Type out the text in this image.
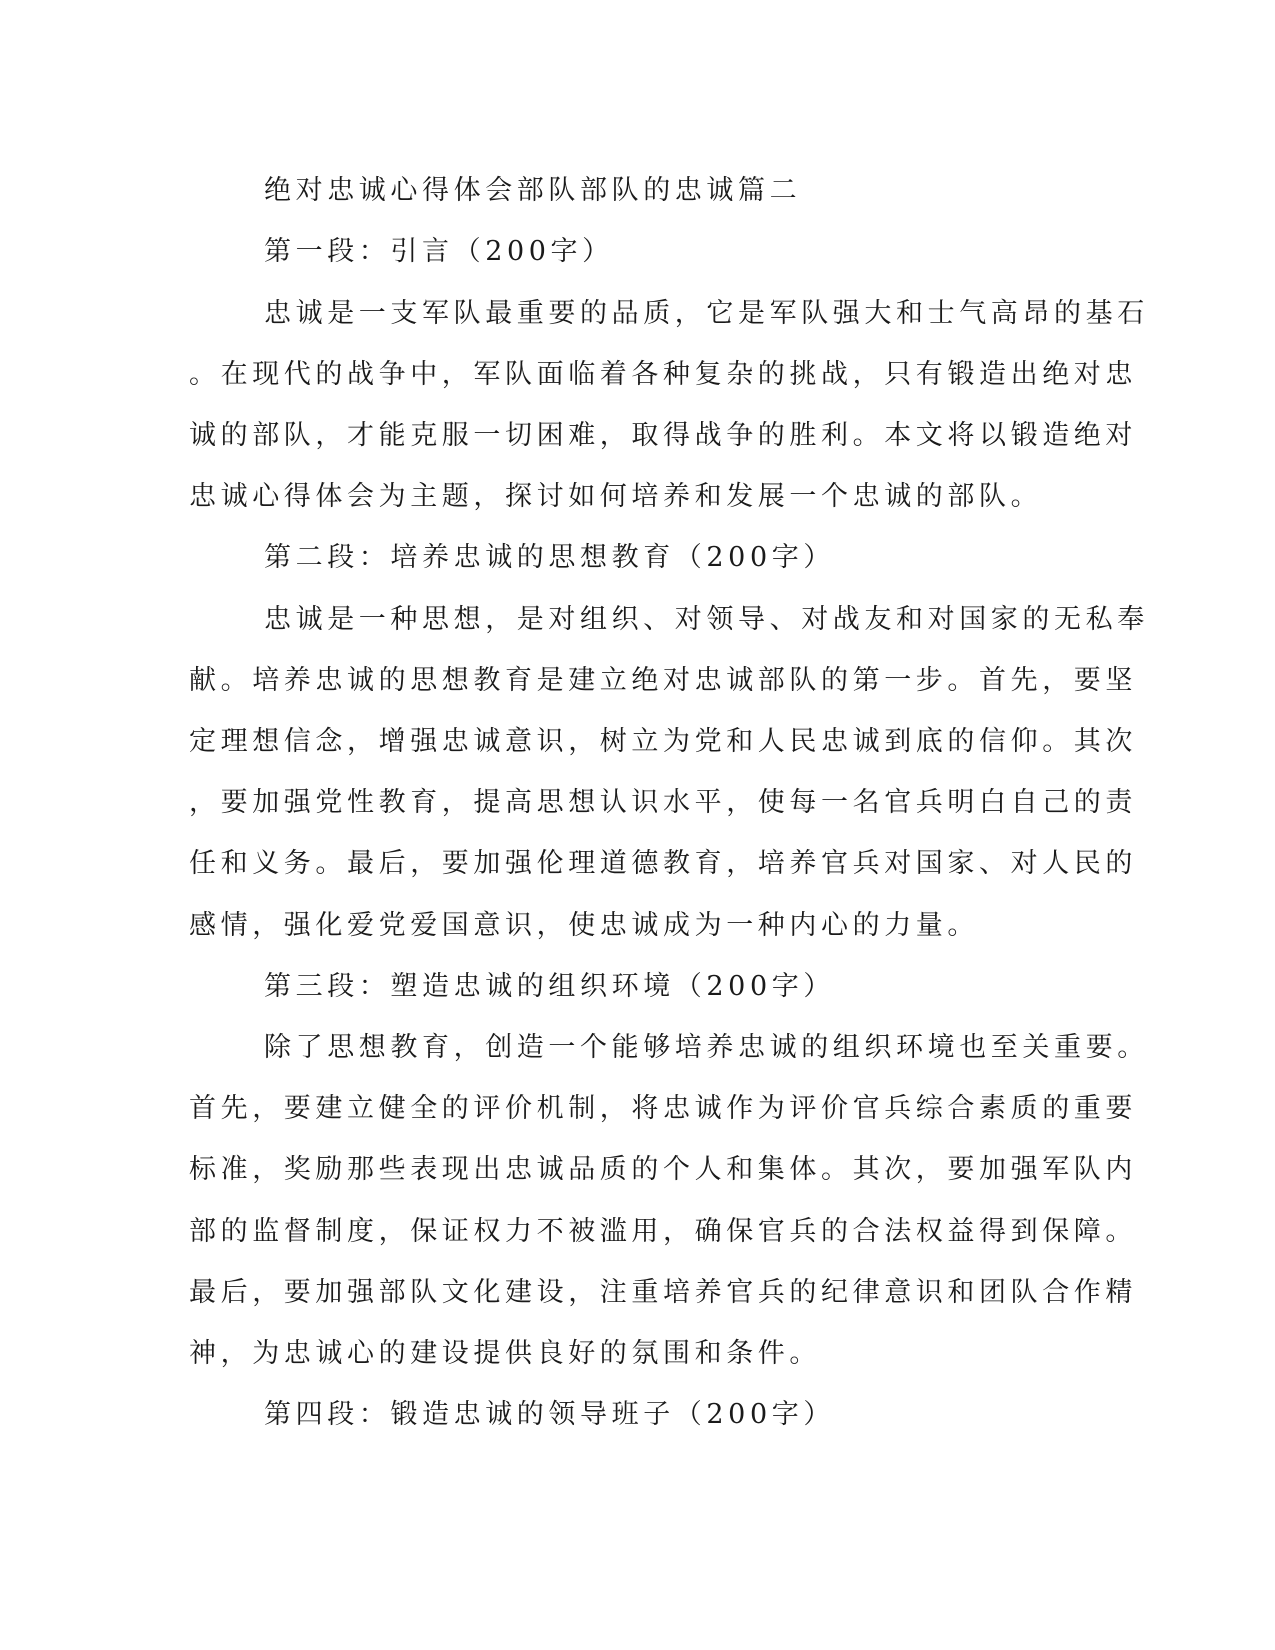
绝对忠诚心得体会部队部队的忠诚篇二

第一段：引言（200字）

忠诚是一支军队最重要的品质，它是军队强大和士气高昂的基石

。在现代的战争中，军队面临着各种复杂的挑战，只有锻造出绝对忠

诚的部队，才能克服一切困难，取得战争的胜利。本文将以锻造绝对

忠诚心得体会为主题，探讨如何培养和发展一个忠诚的部队。

第二段：培养忠诚的思想教育（200字）

忠诚是一种思想，是对组织、对领导、对战友和对国家的无私奉

献。培养忠诚的思想教育是建立绝对忠诚部队的第一步。首先，要坚

定理想信念，增强忠诚意识，树立为党和人民忠诚到底的信仰。其次

，要加强党性教育，提高思想认识水平，使每一名官兵明白自己的责

任和义务。最后，要加强伦理道德教育，培养官兵对国家、对人民的

感情，强化爱党爱国意识，使忠诚成为一种内心的力量。

第三段：塑造忠诚的组织环境（200字）

除了思想教育，创造一个能够培养忠诚的组织环境也至关重要。

首先，要建立健全的评价机制，将忠诚作为评价官兵综合素质的重要

标准，奖励那些表现出忠诚品质的个人和集体。其次，要加强军队内

部的监督制度，保证权力不被滥用，确保官兵的合法权益得到保障。

最后，要加强部队文化建设，注重培养官兵的纪律意识和团队合作精

神，为忠诚心的建设提供良好的氛围和条件。

第四段：锻造忠诚的领导班子（200字）
